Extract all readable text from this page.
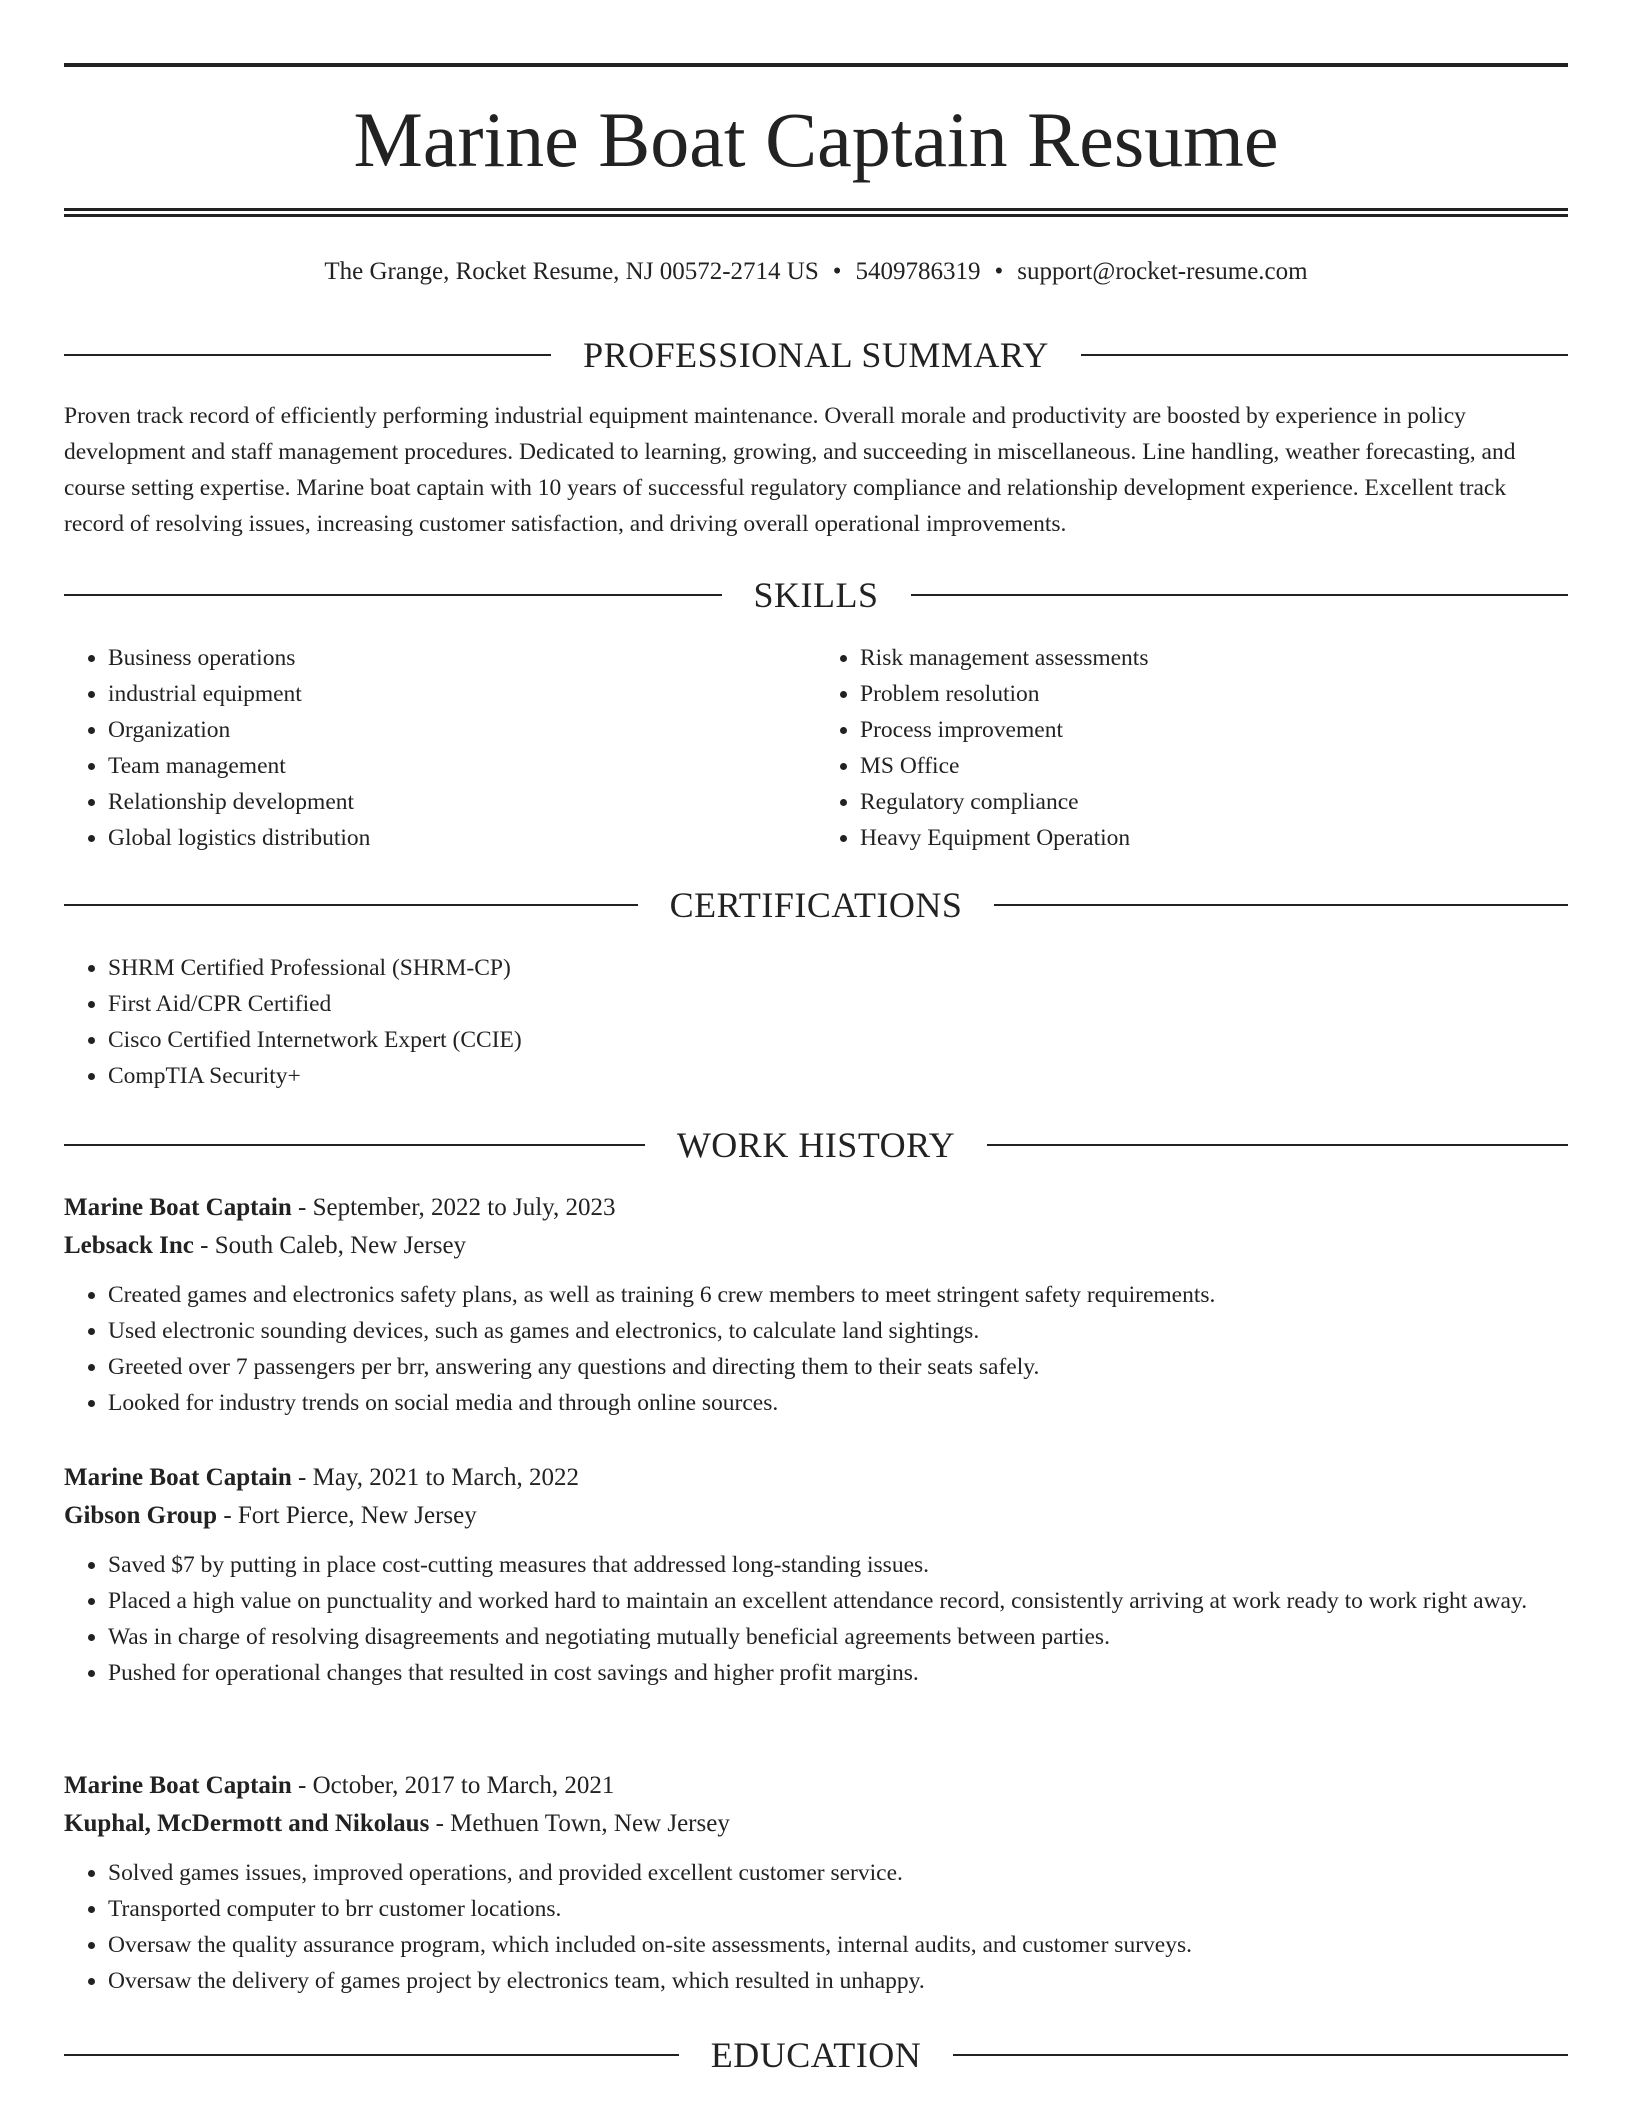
Marine Boat Captain Resume
The Grange, Rocket Resume, NJ 00572-2714 US • 5409786319 • support@rocket-resume.com
PROFESSIONAL SUMMARY

Proven track record of efficiently performing industrial equipment maintenance. Overall morale and productivity are boosted by experience in policy development and staff management procedures. Dedicated to learning, growing, and succeeding in miscellaneous. Line handling, weather forecasting, and course setting expertise. Marine boat captain with 10 years of successful regulatory compliance and relationship development experience. Excellent track record of resolving issues, increasing customer satisfaction, and driving overall operational improvements.

SKILLS
• Business operations
• industrial equipment
• Organization
• Team management
• Relationship development
• Global logistics distribution
• Risk management assessments
• Problem resolution
• Process improvement
• MS Office
• Regulatory compliance
• Heavy Equipment Operation
CERTIFICATIONS
• SHRM Certified Professional (SHRM-CP)
• First Aid/CPR Certified
• Cisco Certified Internetwork Expert (CCIE)
• CompTIA Security+
WORK HISTORY
Marine Boat Captain - September, 2022 to July, 2023
Lebsack Inc - South Caleb, New Jersey
• Created games and electronics safety plans, as well as training 6 crew members to meet stringent safety requirements.
• Used electronic sounding devices, such as games and electronics, to calculate land sightings.
• Greeted over 7 passengers per brr, answering any questions and directing them to their seats safely.
• Looked for industry trends on social media and through online sources.
Marine Boat Captain - May, 2021 to March, 2022
Gibson Group - Fort Pierce, New Jersey
• Saved $7 by putting in place cost-cutting measures that addressed long-standing issues.
• Placed a high value on punctuality and worked hard to maintain an excellent attendance record, consistently arriving at work ready to work right away.
• Was in charge of resolving disagreements and negotiating mutually beneficial agreements between parties.
• Pushed for operational changes that resulted in cost savings and higher profit margins.
Marine Boat Captain - October, 2017 to March, 2021
Kuphal, McDermott and Nikolaus - Methuen Town, New Jersey
• Solved games issues, improved operations, and provided excellent customer service.
• Transported computer to brr customer locations.
• Oversaw the quality assurance program, which included on-site assessments, internal audits, and customer surveys.
• Oversaw the delivery of games project by electronics team, which resulted in unhappy.
EDUCATION
